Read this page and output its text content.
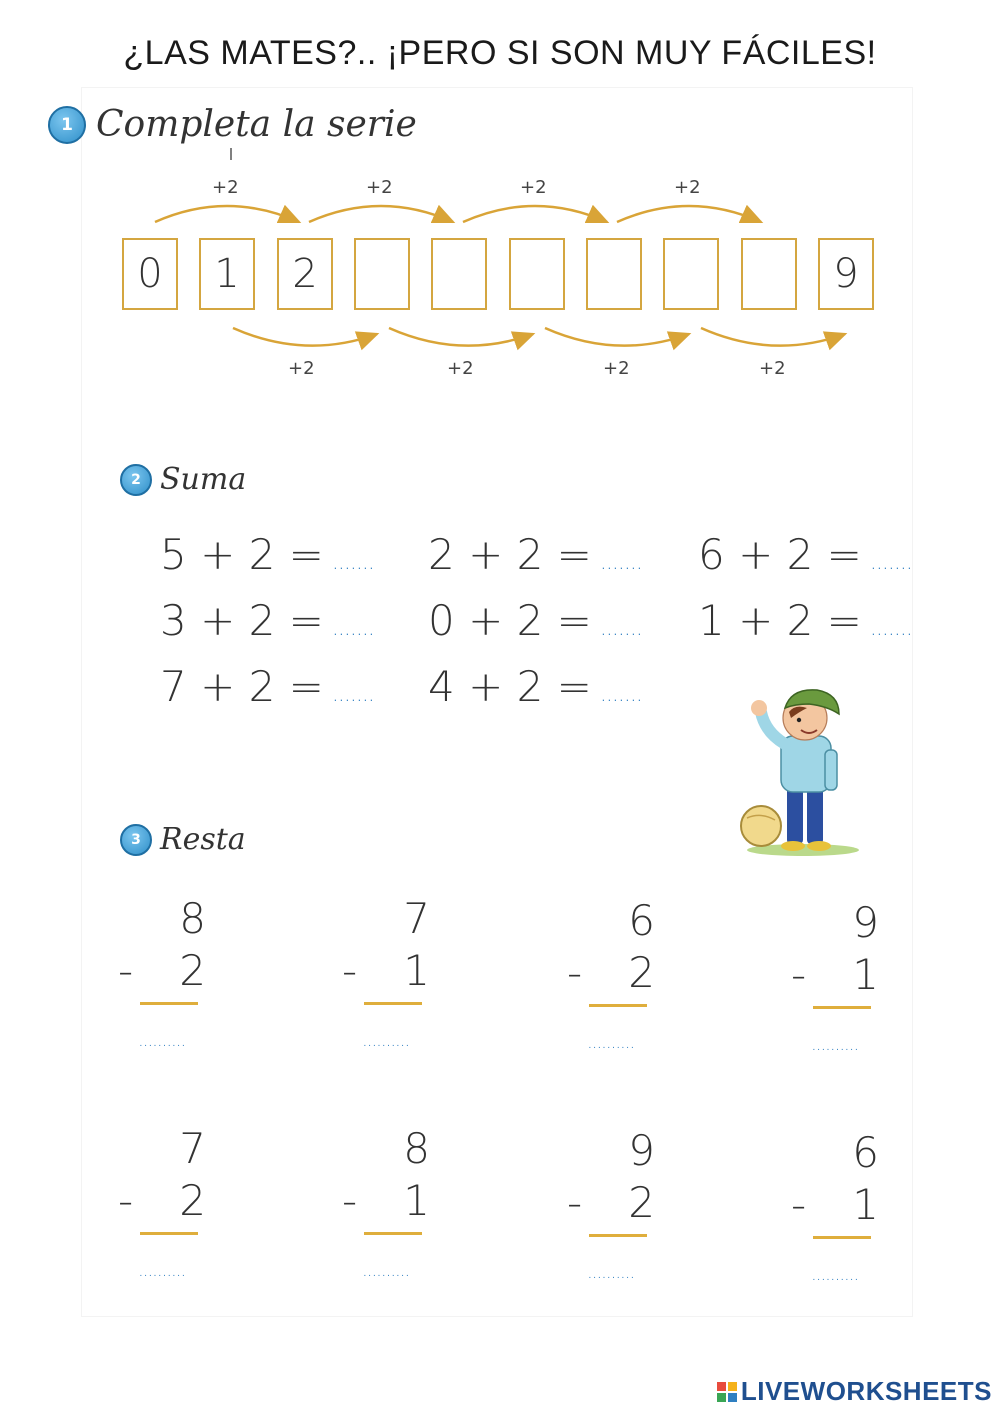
¿LAS MATES?.. ¡PERO SI SON MUY FÁCILES!
1 Completa la serie
+2	+2	+2	+2
+2	+2	+2	+2
0	1	2	9
2 Suma
5 + 2 = ....... 2 + 2 = ....... 6 + 2 = .......
3 + 2 = ....... 0 + 2 = ....... 1 + 2 = .......
7 + 2 = ....... 4 + 2 = .......
3 Resta
8
- 2
..........
7
- 1
..........
6
- 2
..........
9
- 1
..........
7
- 2
..........
8
- 1
..........
9
- 2
..........
6
- 1
..........
LIVEWORKSHEETS
